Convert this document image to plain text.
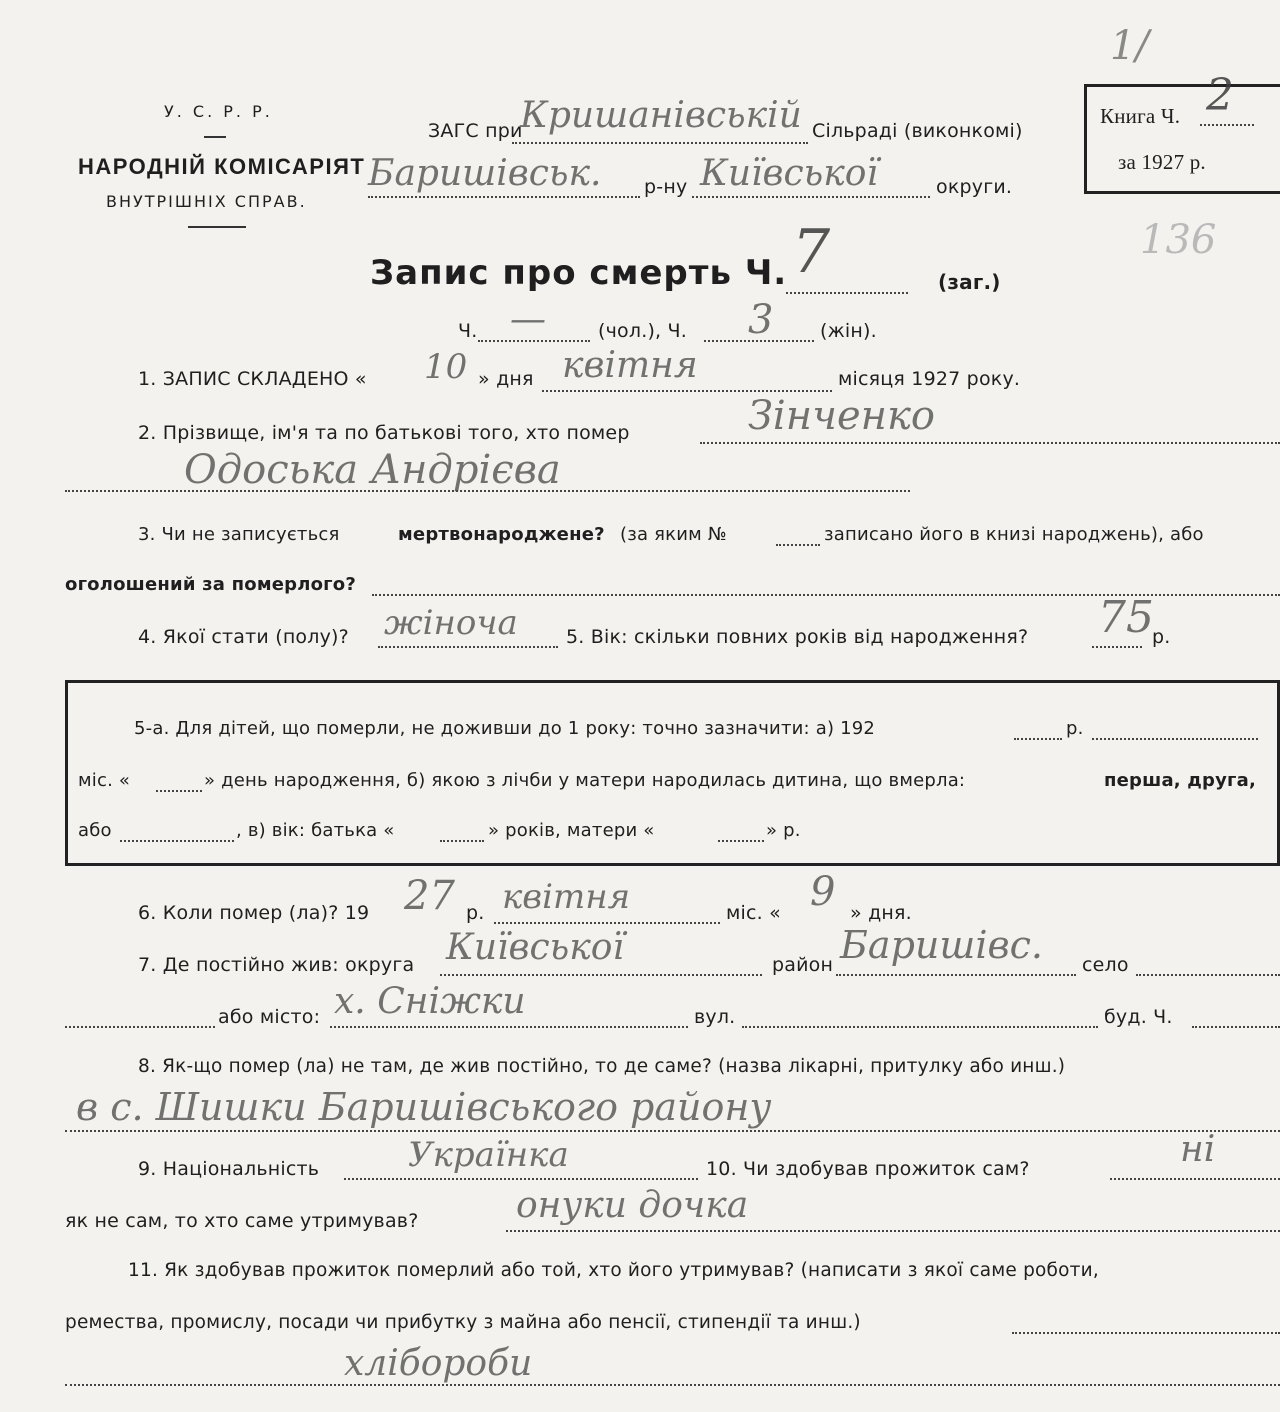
У. С. Р. Р.
НАРОДНІЙ КОМІСАРІЯТ
ВНУТРІШНІХ СПРАВ.
ЗАГС при
Кришанівській Сільраді (виконкомі)
Баришівськ. р-ну Київської	округи.
Книга Ч. 2
за 1927 р.
1/
136
Запис про смерть Ч. 7	(заг.)
Ч. —	(чол.), Ч. 3 (жін).
1. ЗАПИС СКЛАДЕНО « 10 » дня квітня	місяця 1927 року.
2. Прізвище, ім'я та по батькові того, хто помер	Зінченко
Одоська Андрієва
3. Чи не записується	мертвонароджене? (за яким №	записано його в книзі народжень), або
оголошений за померлого?
4. Якої стати (полу)? жіноча	5. Вік: скільки повних років від народження? 75
р.
5-а. Для дітей, що померли, не доживши до 1 року: точно зазначити: а) 192	р.
міс. «	» день народження, б) якою з лічби у матери народилась дитина, що вмерла:	перша, друга,
або	, в) вік: батька «	» років, матери «	» р.
6. Коли помер (ла)? 19 27 р. квітня	міс. « 9 » дня.
7. Де постійно жив: округа Київської	район Баришівс. село
або місто: х. Сніжки	вул.	буд. Ч.
8. Як-що помер (ла) не там, де жив постійно, то де саме? (назва лікарні, притулку або инш.)
в с. Шишки Баришівського району
9. Національність	Українка	10. Чи здобував прожиток сам?	ні
як не сам, то хто саме утримував?	онуки дочка
11. Як здобував прожиток померлий або той, хто його утримував? (написати з якої саме роботи,
ремества, промислу, посади чи прибутку з майна або пенсії, стипендії та инш.)
хлібороби
